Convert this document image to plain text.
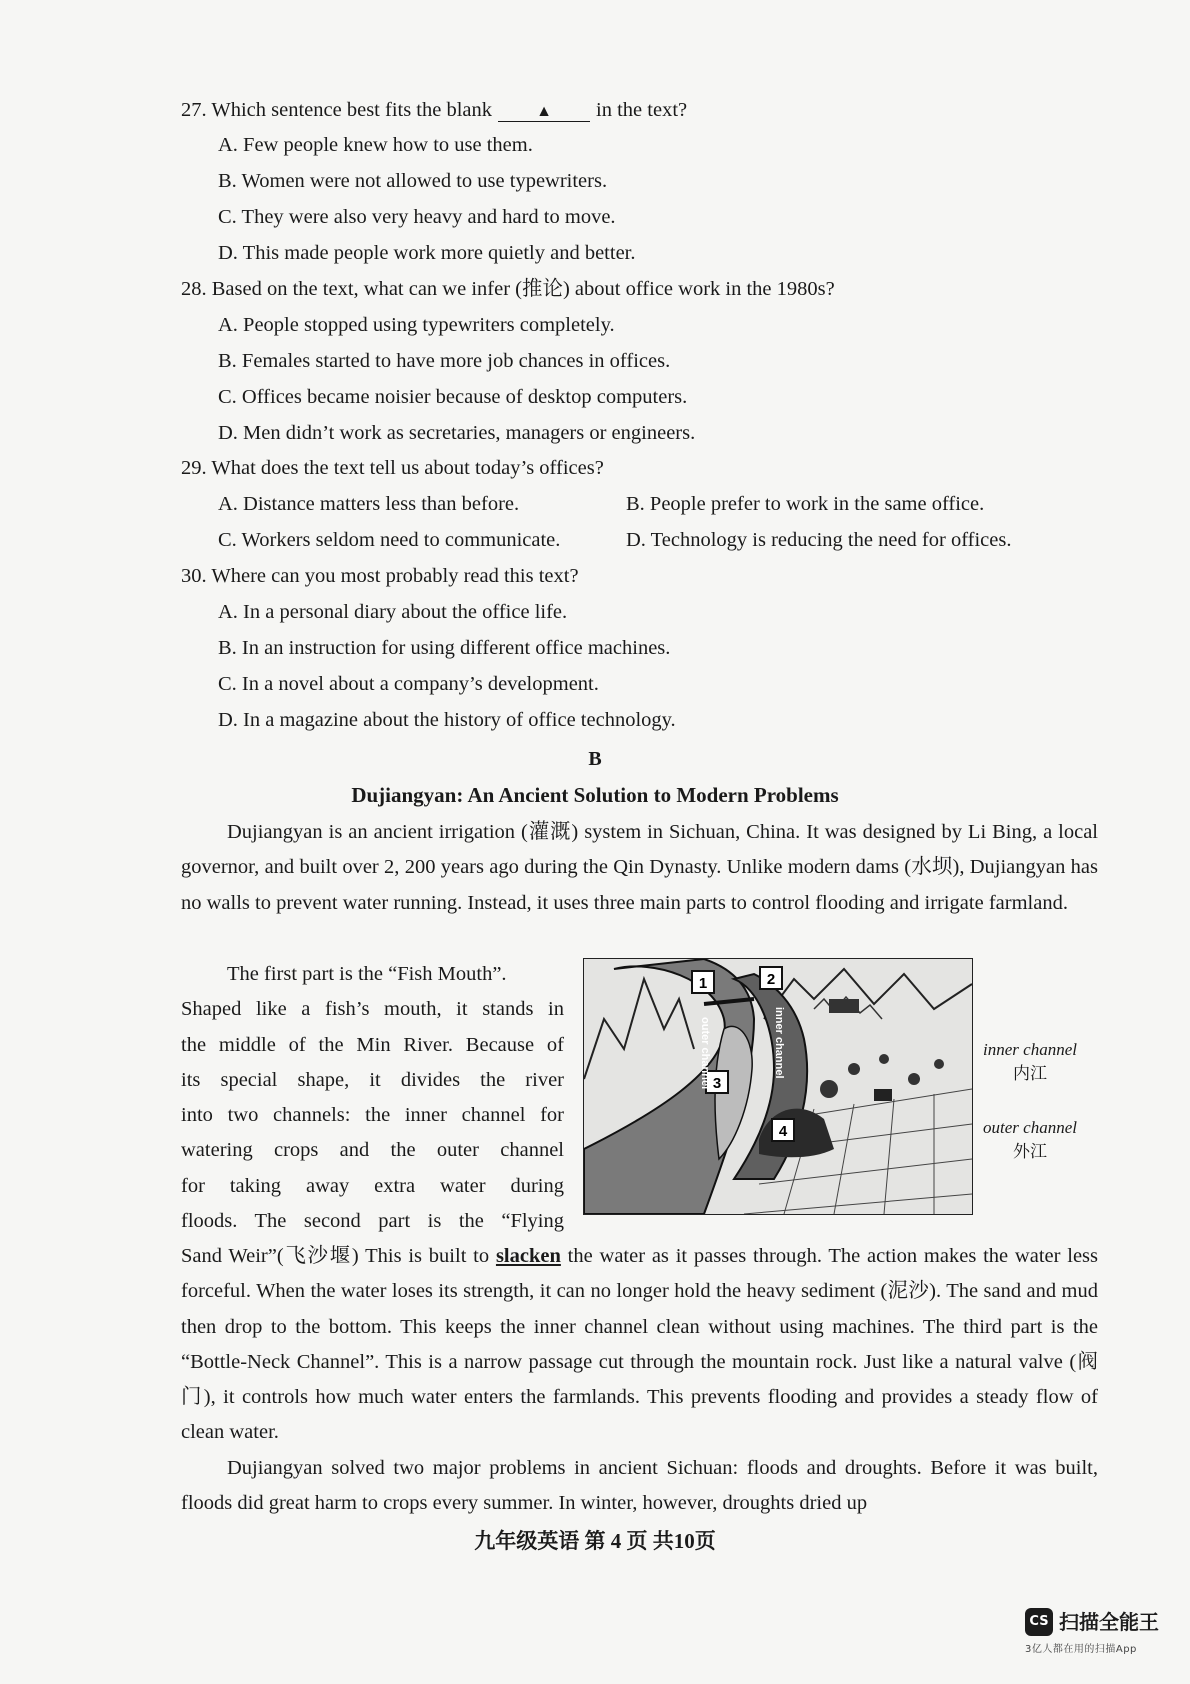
27. Which sentence best fits the blank	▲ in the text?
A. Few people knew how to use them.
B. Women were not allowed to use typewriters.
C. They were also very heavy and hard to move.
D. This made people work more quietly and better.
28. Based on the text, what can we infer (推论) about office work in the 1980s?
A. People stopped using typewriters completely.
B. Females started to have more job chances in offices.
C. Offices became noisier because of desktop computers.
D. Men didn’t work as secretaries, managers or engineers.
29. What does the text tell us about today’s offices?
A. Distance matters less than before.	B. People prefer to work in the same office.
C. Workers seldom need to communicate.	D. Technology is reducing the need for offices.
30. Where can you most probably read this text?
A. In a personal diary about the office life.
B. In an instruction for using different office machines.
C. In a novel about a company’s development.
D. In a magazine about the history of office technology.
B
Dujiangyan: An Ancient Solution to Modern Problems

Dujiangyan is an ancient irrigation (灌溉) system in Sichuan, China. It was designed by Li Bing, a local governor, and built over 2, 200 years ago during the Qin Dynasty. Unlike modern dams (水坝), Dujiangyan has no walls to prevent water running. Instead, it uses three main parts to control flooding and irrigate farmland.

The first part is the “Fish Mouth”.
Shaped like a fish’s mouth, it stands in
the middle of the Min River. Because of
its special shape, it divides the river
into two channels: the inner channel for
watering crops and the outer channel
for taking away extra water during
floods. The second part is the “Flying
1	2
3
4
outer channel	inner channel	inner channel
内江
outer channel
外江

Sand Weir”(飞沙堰) This is built to slacken the water as it passes through. The action makes the water less forceful. When the water loses its strength, it can no longer hold the heavy sediment (泥沙). The sand and mud then drop to the bottom. This keeps the inner channel clean without using machines. The third part is the “Bottle-Neck Channel”. This is a narrow passage cut through the mountain rock. Just like a natural valve (阀门), it controls how much water enters the farmlands. This prevents flooding and provides a steady flow of clean water.

Dujiangyan solved two major problems in ancient Sichuan: floods and droughts. Before it was built, floods did great harm to crops every summer. In winter, however, droughts dried up

九年级英语 第 4 页 共10页
CS 扫描全能王
3亿人都在用的扫描App
